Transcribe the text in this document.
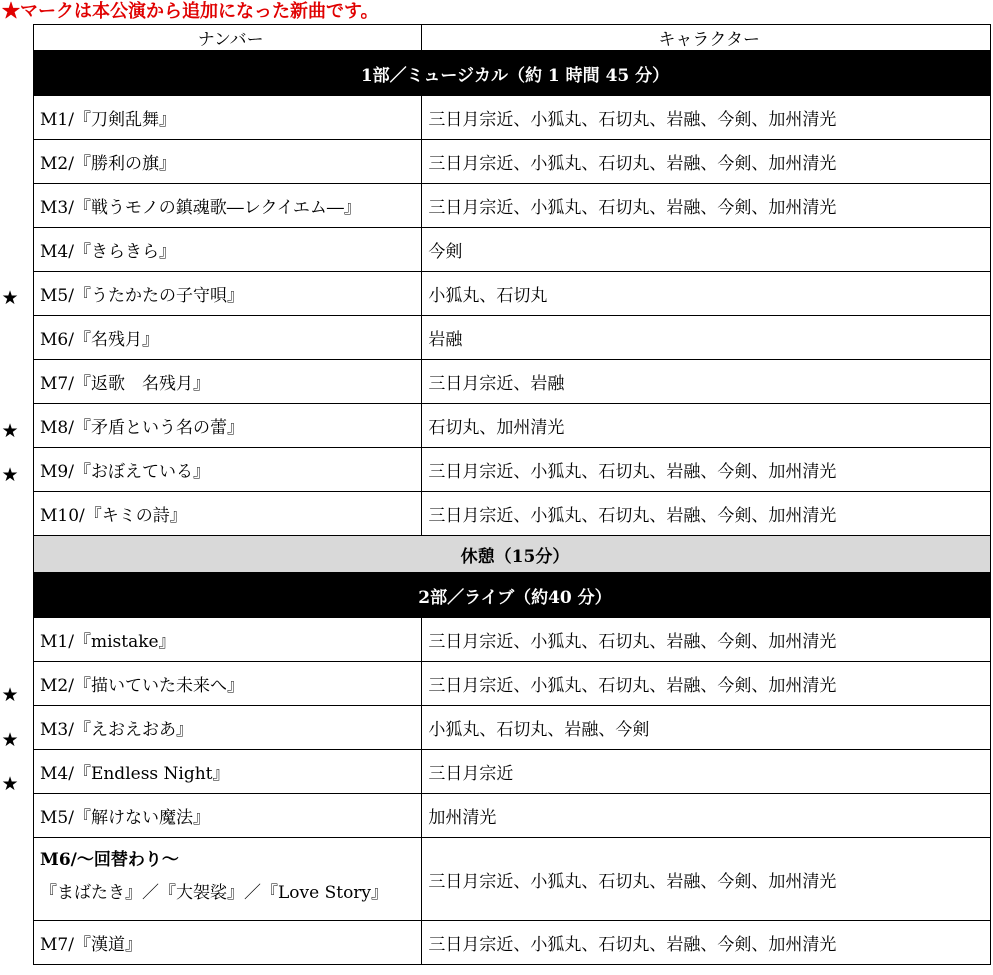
★マークは本公演から追加になった新曲です。
★
★
★
★
★
★
ナンバー	キャラクター
1部／ミュージカル（約 1 時間 45 分）	
M1/『刀剣乱舞』	三日月宗近、小狐丸、石切丸、岩融、今剣、加州清光
M2/『勝利の旗』	三日月宗近、小狐丸、石切丸、岩融、今剣、加州清光
M3/『戦うモノの鎮魂歌―レクイエム―』	三日月宗近、小狐丸、石切丸、岩融、今剣、加州清光
M4/『きらきら』	今剣
M5/『うたかたの子守唄』	小狐丸、石切丸
M6/『名残月』	岩融
M7/『返歌　名残月』	三日月宗近、岩融
M8/『矛盾という名の蕾』	石切丸、加州清光
M9/『おぼえている』	三日月宗近、小狐丸、石切丸、岩融、今剣、加州清光
M10/『キミの詩』	三日月宗近、小狐丸、石切丸、岩融、今剣、加州清光
休憩（15分）	
2部／ライブ（約40 分）	
M1/『mistake』	三日月宗近、小狐丸、石切丸、岩融、今剣、加州清光
M2/『描いていた未来へ』	三日月宗近、小狐丸、石切丸、岩融、今剣、加州清光
M3/『えおえおあ』	小狐丸、石切丸、岩融、今剣
M4/『Endless Night』	三日月宗近
M5/『解けない魔法』	加州清光

M6/～回替わり～
『まばたき』／『大袈裟』／『Love Story』	三日月宗近、小狐丸、石切丸、岩融、今剣、加州清光
M7/『漢道』	三日月宗近、小狐丸、石切丸、岩融、今剣、加州清光
